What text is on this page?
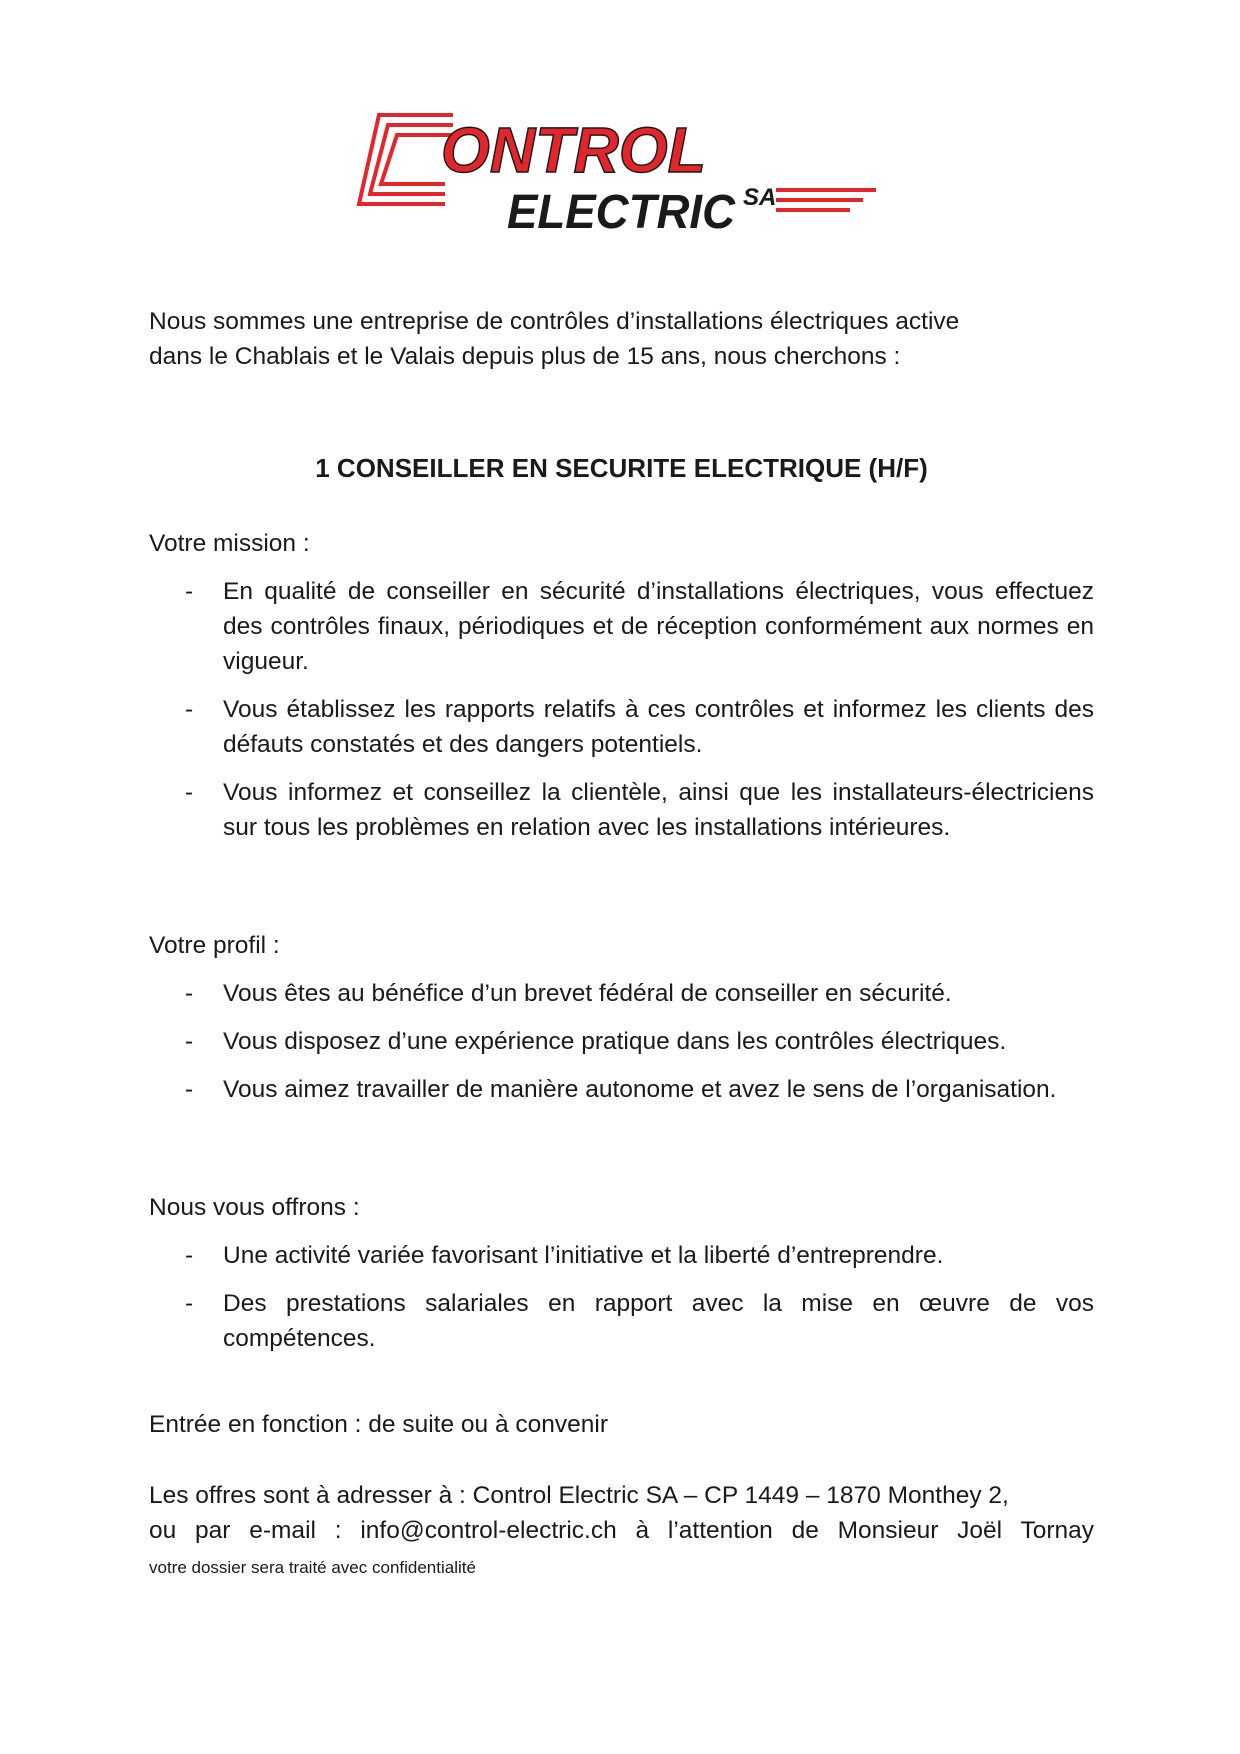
ONTROL
ELECTRIC SA
Nous sommes une entreprise de contrôles d’installations électriques active
dans le Chablais et le Valais depuis plus de 15 ans, nous cherchons :
1 CONSEILLER EN SECURITE ELECTRIQUE (H/F)
Votre mission :
- En qualité de conseiller en sécurité d’installations électriques, vous effectuez des contrôles finaux, périodiques et de réception conformément aux normes en vigueur.
- Vous établissez les rapports relatifs à ces contrôles et informez les clients des défauts constatés et des dangers potentiels.
- Vous informez et conseillez la clientèle, ainsi que les installateurs-électriciens sur tous les problèmes en relation avec les installations intérieures.
Votre profil :
- Vous êtes au bénéfice d’un brevet fédéral de conseiller en sécurité.
- Vous disposez d’une expérience pratique dans les contrôles électriques.
- Vous aimez travailler de manière autonome et avez le sens de l’organisation.
Nous vous offrons :
- Une activité variée favorisant l’initiative et la liberté d’entreprendre.
- Des prestations salariales en rapport avec la mise en œuvre de vos compétences.
Entrée en fonction : de suite ou à convenir
Les offres sont à adresser à : Control Electric SA – CP 1449 – 1870 Monthey 2,
ou par e-mail : info@control-electric.ch à l’attention de Monsieur Joël Tornay
votre dossier sera traité avec confidentialité
